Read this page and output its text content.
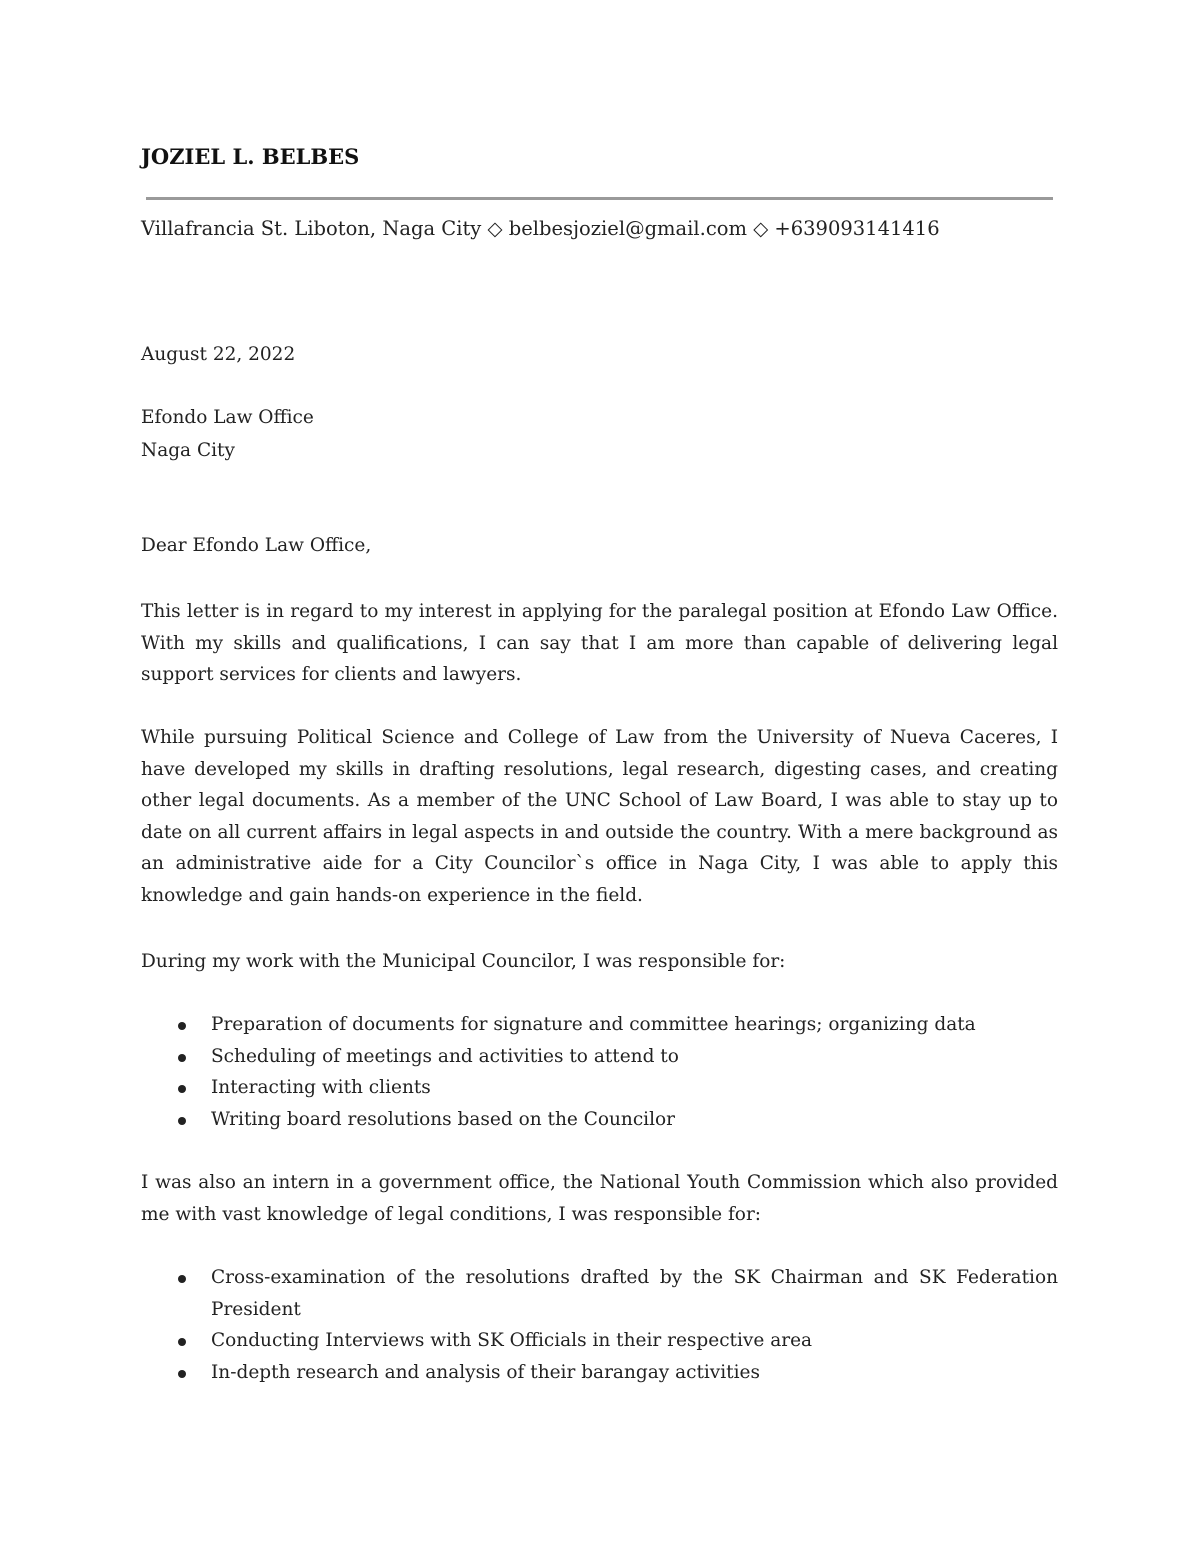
JOZIEL L. BELBES
Villafrancia St. Liboton, Naga City ◇ belbesjoziel@gmail.com ◇ +639093141416
August 22, 2022
Efondo Law Office
Naga City
Dear Efondo Law Office,
This letter is in regard to my interest in applying for the paralegal position at Efondo Law Office. With my skills and qualifications, I can say that I am more than capable of delivering legal support services for clients and lawyers.
While pursuing Political Science and College of Law from the University of Nueva Caceres, I have developed my skills in drafting resolutions, legal research, digesting cases, and creating other legal documents. As a member of the UNC School of Law Board, I was able to stay up to date on all current affairs in legal aspects in and outside the country. With a mere background as an administrative aide for a City Councilor`s office in Naga City, I was able to apply this knowledge and gain hands-on experience in the field.
During my work with the Municipal Councilor, I was responsible for:
Preparation of documents for signature and committee hearings; organizing data
Scheduling of meetings and activities to attend to
Interacting with clients
Writing board resolutions based on the Councilor
I was also an intern in a government office, the National Youth Commission which also provided me with vast knowledge of legal conditions, I was responsible for:
Cross-examination of the resolutions drafted by the SK Chairman and SK Federation President
Conducting Interviews with SK Officials in their respective area
In-depth research and analysis of their barangay activities
